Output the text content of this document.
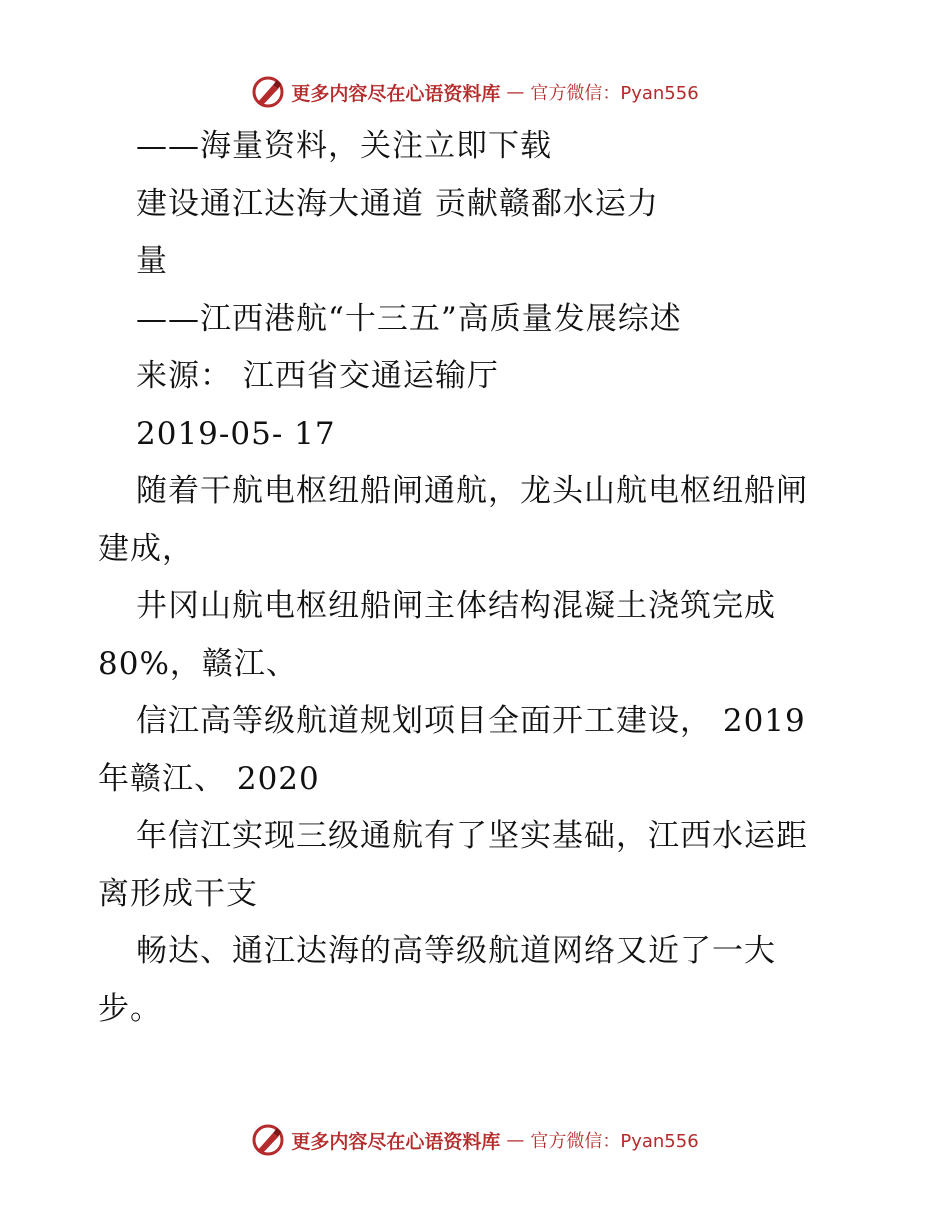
更多内容尽在心语资料库 — 官方微信：Pyan556
——海量资料，关注立即下载
建设通江达海大通道 贡献赣鄱水运力
量
——江西港航“十三五”高质量发展综述
来源： 江西省交通运输厅
2019-05- 17
随着干航电枢纽船闸通航，龙头山航电枢纽船闸
建成，
井冈山航电枢纽船闸主体结构混凝土浇筑完成
80%，赣江、
信江高等级航道规划项目全面开工建设， 2019
年赣江、 2020
年信江实现三级通航有了坚实基础，江西水运距
离形成干支
畅达、通江达海的高等级航道网络又近了一大
步。
更多内容尽在心语资料库 — 官方微信：Pyan556
